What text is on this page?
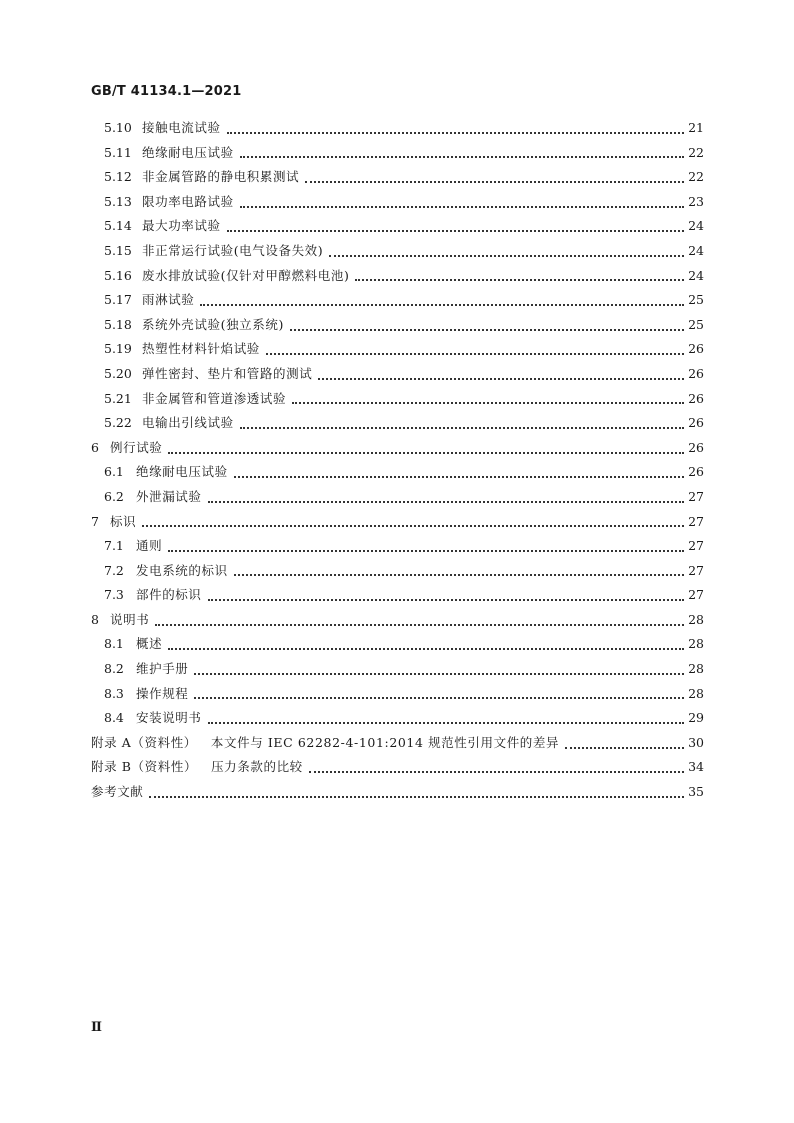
GB/T 41134.1—2021
5.10 接触电流试验	21
5.11 绝缘耐电压试验	22
5.12 非金属管路的静电积累测试	22
5.13 限功率电路试验	23
5.14 最大功率试验	24
5.15 非正常运行试验(电气设备失效)	24
5.16 废水排放试验(仅针对甲醇燃料电池)	24
5.17 雨淋试验	25
5.18 系统外壳试验(独立系统)	25
5.19 热塑性材料针焰试验	26
5.20 弹性密封、垫片和管路的测试	26
5.21 非金属管和管道渗透试验	26
5.22 电输出引线试验	26
6 例行试验	26
6.1 绝缘耐电压试验	26
6.2 外泄漏试验	27
7 标识	27
7.1 通则	27
7.2 发电系统的标识	27
7.3 部件的标识	27
8 说明书	28
8.1 概述	28
8.2 维护手册	28
8.3 操作规程	28
8.4 安装说明书	29
附录 A（资料性） 本文件与 IEC 62282-4-101:2014 规范性引用文件的差异	30
附录 B（资料性） 压力条款的比较	34
参考文献	35
Ⅱ
